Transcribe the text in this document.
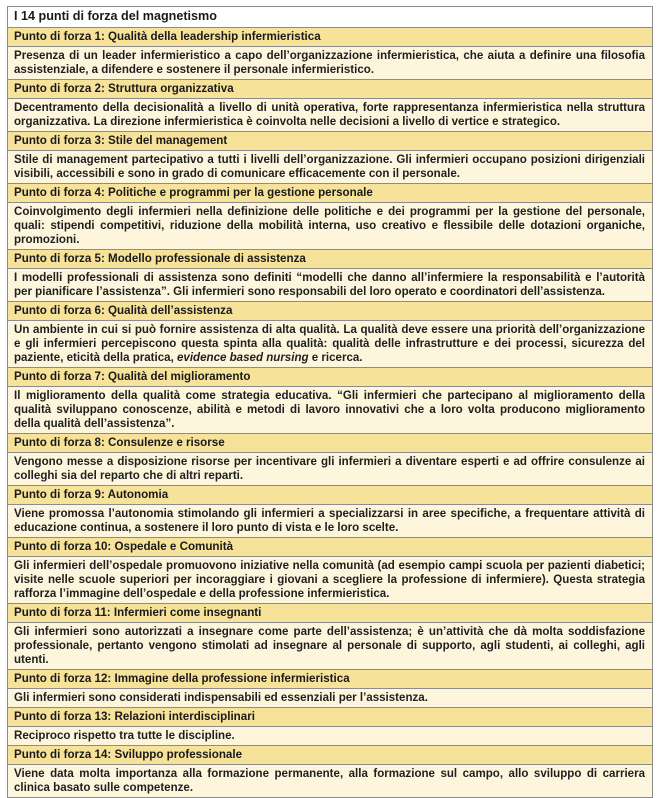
I 14 punti di forza del magnetismo
Punto di forza 1: Qualità della leadership infermieristica
Presenza di un leader infermieristico a capo dell’organizzazione infermieristica, che aiuta a definire una filosofia assistenziale, a difendere e sostenere il personale infermieristico.
Punto di forza 2: Struttura organizzativa
Decentramento della decisionalità a livello di unità operativa, forte rappresentanza infermieristica nella struttura organizzativa. La direzione infermieristica è coinvolta nelle decisioni a livello di vertice e strategico.
Punto di forza 3: Stile del management
Stile di management partecipativo a tutti i livelli dell’organizzazione. Gli infermieri occupano posizioni dirigenziali visibili, accessibili e sono in grado di comunicare efficacemente con il personale.
Punto di forza 4: Politiche e programmi per la gestione personale
Coinvolgimento degli infermieri nella definizione delle politiche e dei programmi per la gestione del personale, quali: stipendi competitivi, riduzione della mobilità interna, uso creativo e flessibile delle dotazioni organiche, promozioni.
Punto di forza 5: Modello professionale di assistenza
I modelli professionali di assistenza sono definiti “modelli che danno all’infermiere la responsabilità e l’autorità per pianificare l’assistenza”. Gli infermieri sono responsabili del loro operato e coordinatori dell’assistenza.
Punto di forza 6: Qualità dell’assistenza
Un ambiente in cui si può fornire assistenza di alta qualità. La qualità deve essere una priorità dell’organizzazione e gli infermieri percepiscono questa spinta alla qualità: qualità delle infrastrutture e dei processi, sicurezza del paziente, eticità della pratica, evidence based nursing e ricerca.
Punto di forza 7: Qualità del miglioramento
Il miglioramento della qualità come strategia educativa. “Gli infermieri che partecipano al miglioramento della qualità sviluppano conoscenze, abilità e metodi di lavoro innovativi che a loro volta producono miglioramento della qualità dell’assistenza”.
Punto di forza 8: Consulenze e risorse
Vengono messe a disposizione risorse per incentivare gli infermieri a diventare esperti e ad offrire consulenze ai colleghi sia del reparto che di altri reparti.
Punto di forza 9: Autonomia
Viene promossa l’autonomia stimolando gli infermieri a specializzarsi in aree specifiche, a frequentare attività di educazione continua, a sostenere il loro punto di vista e le loro scelte.
Punto di forza 10: Ospedale e Comunità
Gli infermieri dell’ospedale promuovono iniziative nella comunità (ad esempio campi scuola per pazienti diabetici; visite nelle scuole superiori per incoraggiare i giovani a scegliere la professione di infermiere). Questa strategia rafforza l’immagine dell’ospedale e della professione infermieristica.
Punto di forza 11: Infermieri come insegnanti
Gli infermieri sono autorizzati a insegnare come parte dell’assistenza; è un’attività che dà molta soddisfazione professionale, pertanto vengono stimolati ad insegnare al personale di supporto, agli studenti, ai colleghi, agli utenti.
Punto di forza 12: Immagine della professione infermieristica
Gli infermieri sono considerati indispensabili ed essenziali per l’assistenza.
Punto di forza 13: Relazioni interdisciplinari
Reciproco rispetto tra tutte le discipline.
Punto di forza 14: Sviluppo professionale
Viene data molta importanza alla formazione permanente, alla formazione sul campo, allo sviluppo di carriera clinica basato sulle competenze.
